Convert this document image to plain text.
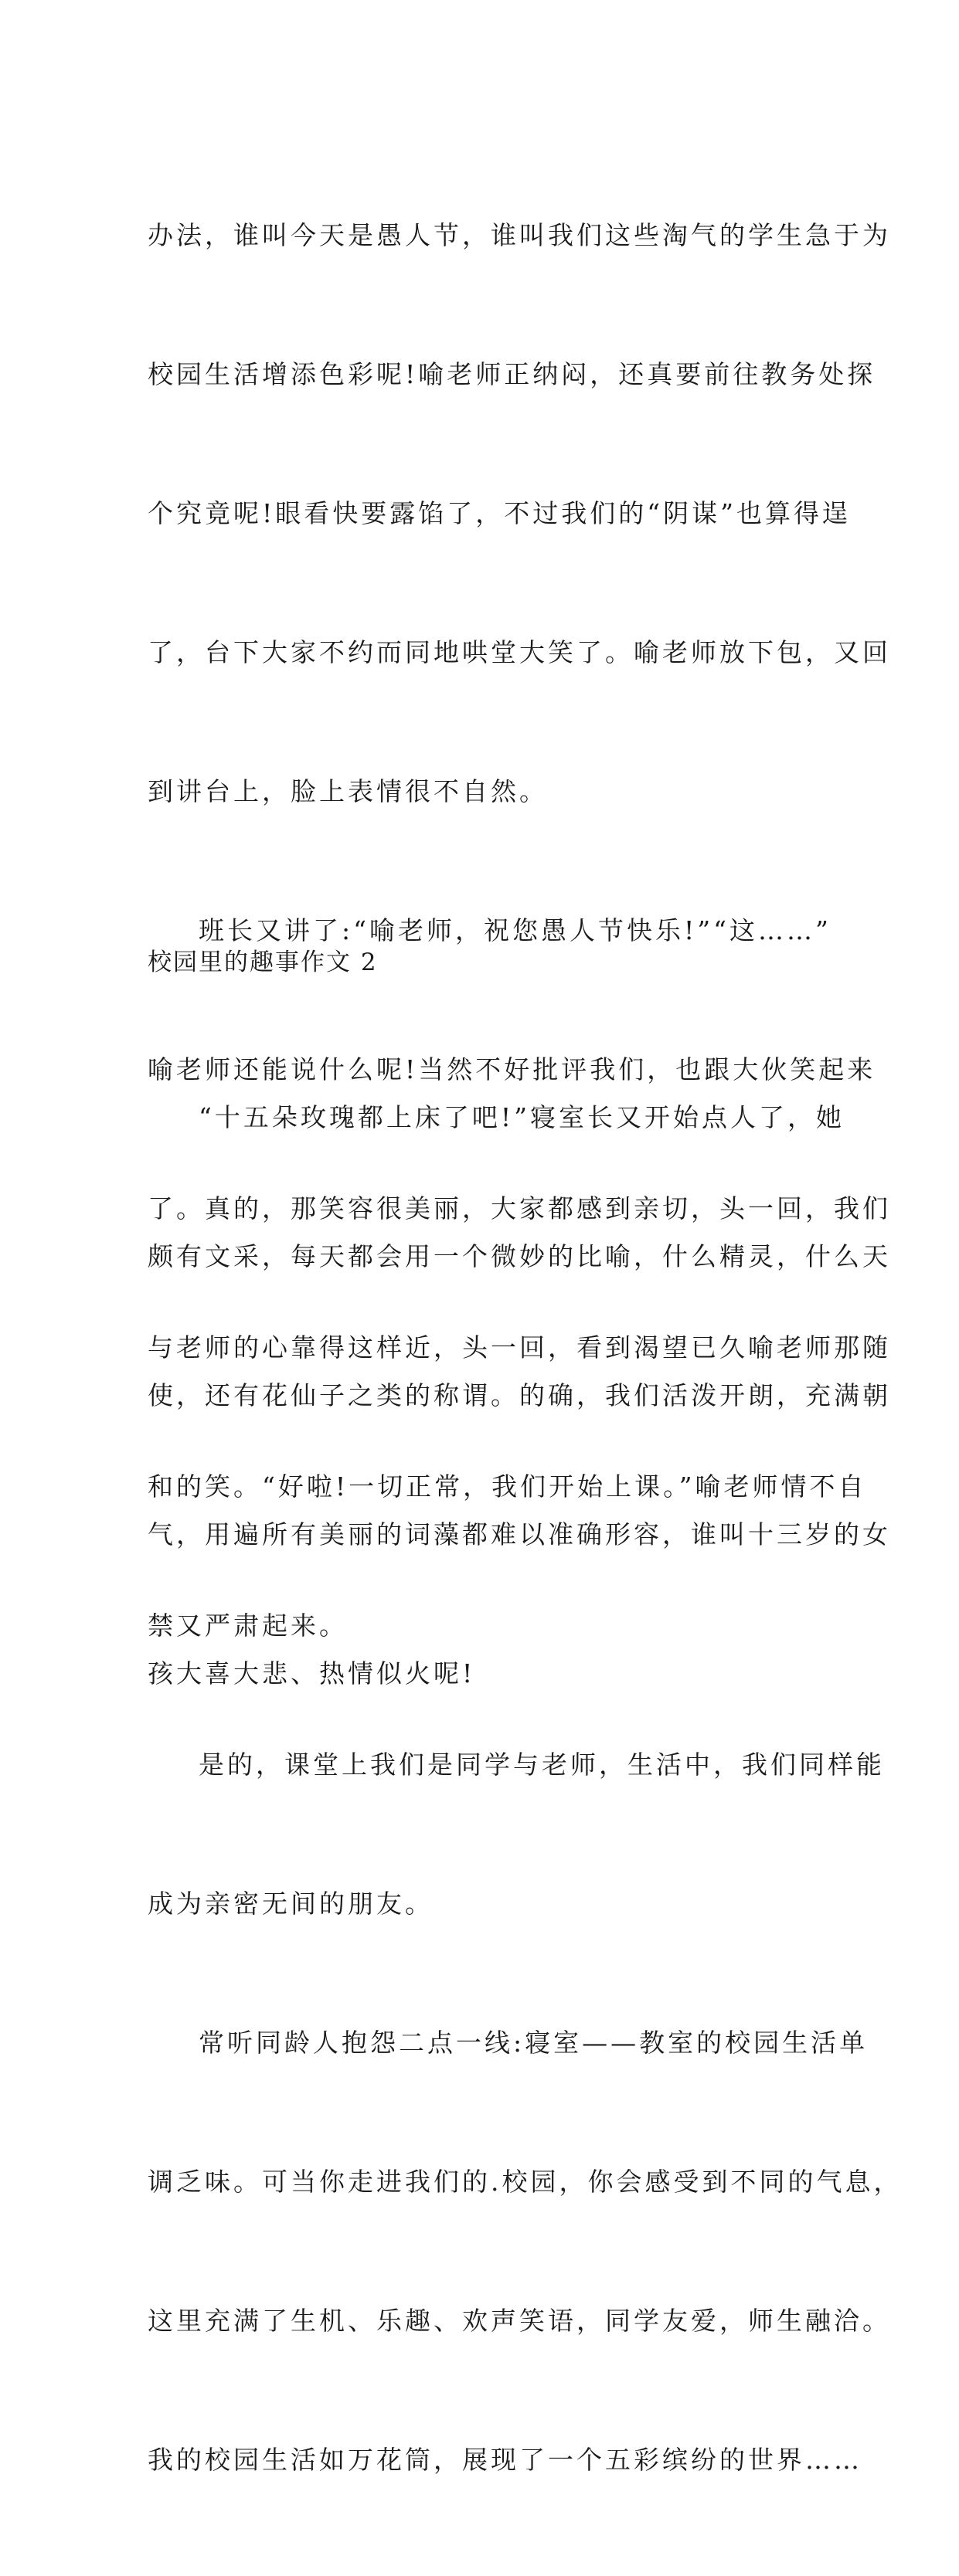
办法，谁叫今天是愚人节，谁叫我们这些淘气的学生急于为

校园生活增添色彩呢!喻老师正纳闷，还真要前往教务处探

个究竟呢!眼看快要露馅了，不过我们的“阴谋”也算得逞

了，台下大家不约而同地哄堂大笑了。喻老师放下包，又回

到讲台上，脸上表情很不自然。

班长又讲了:“喻老师，祝您愚人节快乐!”“这……”

喻老师还能说什么呢!当然不好批评我们，也跟大伙笑起来

了。真的，那笑容很美丽，大家都感到亲切，头一回，我们

与老师的心靠得这样近，头一回，看到渴望已久喻老师那随

和的笑。“好啦!一切正常，我们开始上课。”喻老师情不自

禁又严肃起来。

是的，课堂上我们是同学与老师，生活中，我们同样能

成为亲密无间的朋友。

常听同龄人抱怨二点一线:寝室——教室的校园生活单

调乏味。可当你走进我们的.校园，你会感受到不同的气息，

这里充满了生机、乐趣、欢声笑语，同学友爱，师生融洽。

我的校园生活如万花筒，展现了一个五彩缤纷的世界……

校园里的趣事作文 2

“十五朵玫瑰都上床了吧!”寝室长又开始点人了，她

颇有文采，每天都会用一个微妙的比喻，什么精灵，什么天

使，还有花仙子之类的称谓。的确，我们活泼开朗，充满朝

气，用遍所有美丽的词藻都难以准确形容，谁叫十三岁的女

孩大喜大悲、热情似火呢!
